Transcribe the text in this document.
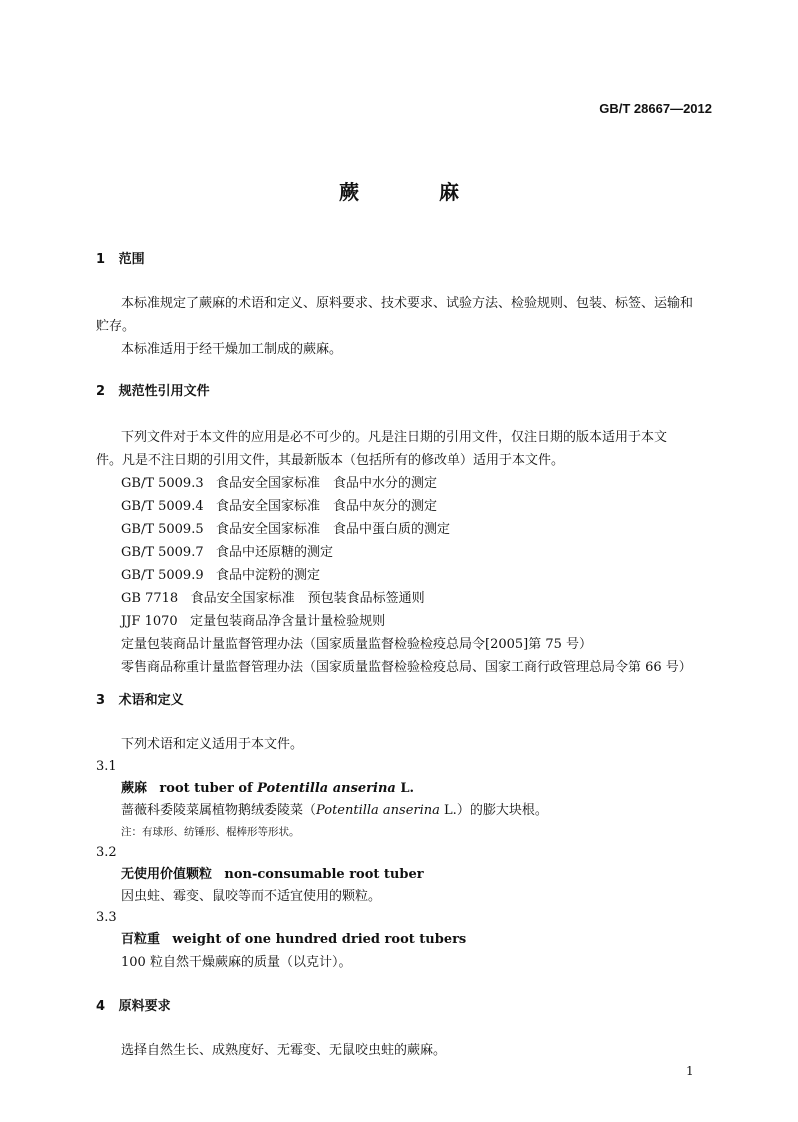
GB/T 28667—2012
蕨麻
1 范围
本标准规定了蕨麻的术语和定义、原料要求、技术要求、试验方法、检验规则、包装、标签、运输和
贮存。
本标准适用于经干燥加工制成的蕨麻。
2 规范性引用文件
下列文件对于本文件的应用是必不可少的。凡是注日期的引用文件，仅注日期的版本适用于本文
件。凡是不注日期的引用文件，其最新版本（包括所有的修改单）适用于本文件。
GB/T 5009.3 食品安全国家标准　食品中水分的测定
GB/T 5009.4 食品安全国家标准　食品中灰分的测定
GB/T 5009.5 食品安全国家标准　食品中蛋白质的测定
GB/T 5009.7 食品中还原糖的测定
GB/T 5009.9 食品中淀粉的测定
GB 7718 食品安全国家标准　预包装食品标签通则
JJF 1070 定量包装商品净含量计量检验规则
定量包装商品计量监督管理办法（国家质量监督检验检疫总局令[2005]第 75 号）
零售商品称重计量监督管理办法（国家质量监督检验检疫总局、国家工商行政管理总局令第 66 号）
3 术语和定义
下列术语和定义适用于本文件。
3.1
蕨麻 root tuber of Potentilla anserina L.
蔷薇科委陵菜属植物鹅绒委陵菜（Potentilla anserina L.）的膨大块根。
注：有球形、纺锤形、棍棒形等形状。
3.2
无使用价值颗粒 non-consumable root tuber
因虫蛀、霉变、鼠咬等而不适宜使用的颗粒。
3.3
百粒重 weight of one hundred dried root tubers
100 粒自然干燥蕨麻的质量（以克计）。
4 原料要求
选择自然生长、成熟度好、无霉变、无鼠咬虫蛀的蕨麻。
1
